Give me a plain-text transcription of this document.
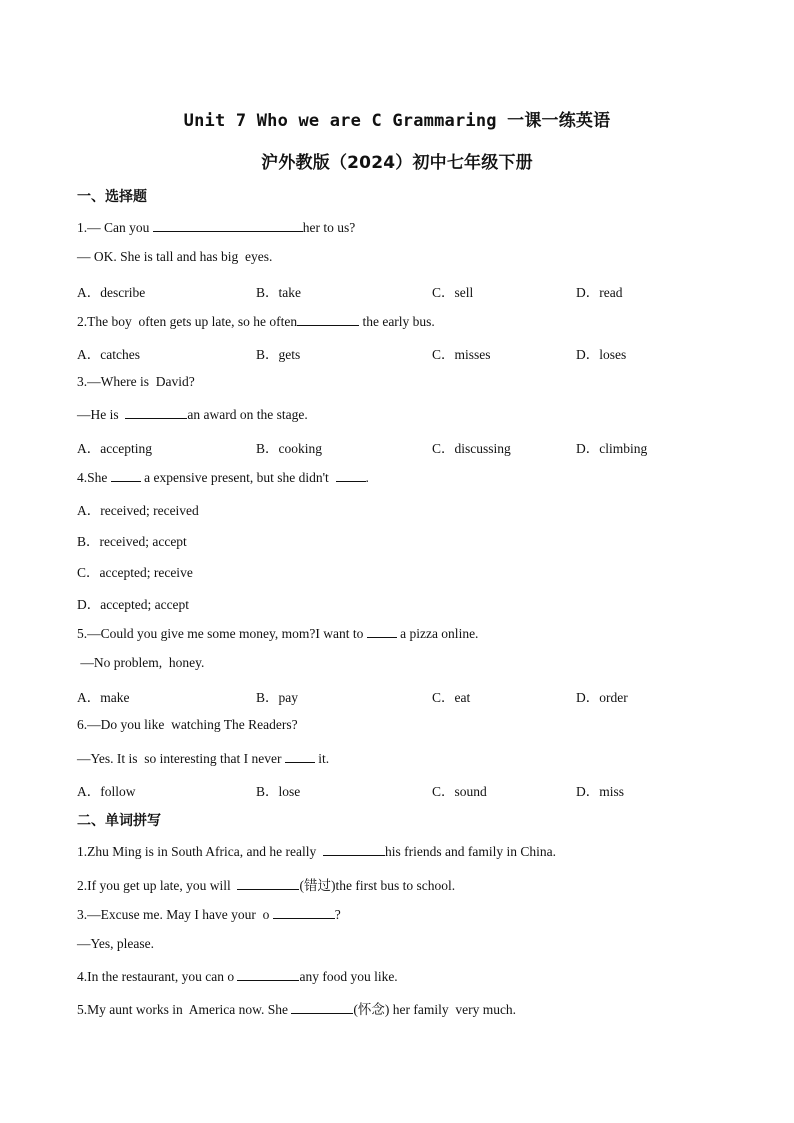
Unit 7 Who we are C Grammaring 一课一练英语
沪外教版（2024）初中七年级下册
一、选择题
1.— Can you	her to us?
— OK. She is tall and has big  eyes.
A．describe	B．take	C．sell	D．read
2.The boy  often gets up late, so he often	the early bus.
A．catches	B．gets	C．misses	D．loses
3.—Where is  David?
—He is	an award on the stage.
A．accepting	B．cooking	C．discussing	D．climbing
4.She  a expensive present, but she didn't  .
A．received; received
B．received; accept
C．accepted; receive
D．accepted; accept
5.—Could you give me some money, mom?I want to  a pizza online.
—No problem,  honey.
A．make	B．pay	C．eat	D．order
6.—Do you like  watching The Readers?
—Yes. It is  so interesting that I never  it.
A．follow	B．lose	C．sound	D．miss
二、单词拼写
1.Zhu Ming is in South Africa, and he really	his friends and family in China.
2.If you get up late, you will	(错过)the first bus to school.
3.—Excuse me. May I have your  o	?
—Yes, please.
4.In the restaurant, you can o	any food you like.
5.My aunt works in  America now. She	(怀念) her family  very much.
